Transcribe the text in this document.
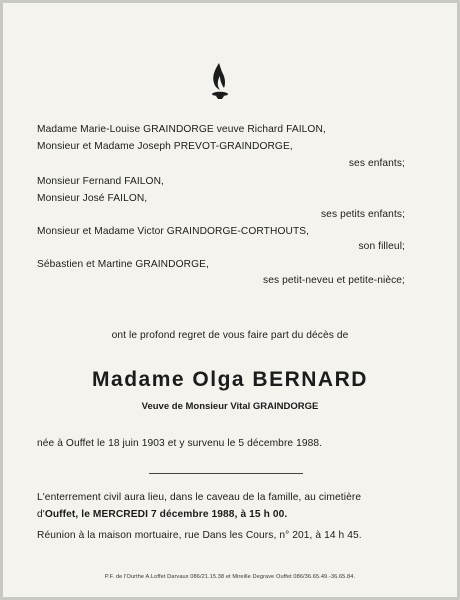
Madame Marie-Louise GRAINDORGE veuve Richard FAILON,
Monsieur et Madame Joseph PREVOT-GRAINDORGE,
ses enfants;
Monsieur Fernand FAILON,
Monsieur José FAILON,
ses petits enfants;
Monsieur et Madame Victor GRAINDORGE-CORTHOUTS,
son filleul;
Sébastien et Martine GRAINDORGE,
ses petit-neveu et petite-nièce;
ont le profond regret de vous faire part du décès de
Madame Olga BERNARD
Veuve de Monsieur Vital GRAINDORGE
née à Ouffet le 18 juin 1903 et y survenu le 5 décembre 1988.
L'enterrement civil aura lieu, dans le caveau de la famille, au cimetière
d'Ouffet, le MERCREDI 7 décembre 1988, à 15 h 00.
Réunion à la maison mortuaire, rue Dans les Cours, n° 201, à 14 h 45.
P.F. de l'Ourthe A.Loffet Darvaux 086/21.15.38 et Mireille Degrave Ouffet 086/36.65.49.-36.65.84.
